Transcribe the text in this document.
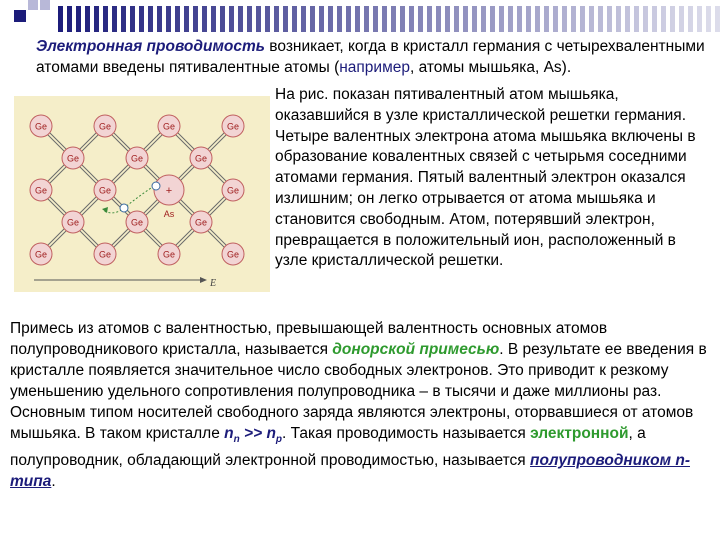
Электронная проводимость возникает, когда в кристалл германия с четырехвалентными атомами введены пятивалентные атомы (например, атомы мышьяка, As).

Ge	Ge	Ge	Ge
Ge	Ge	Ge
Ge	Ge	+
As
Ge
Ge	Ge	Ge
Ge	Ge	Ge	Ge
E

На рис. показан пятивалентный атом мышьяка, оказавшийся в узле кристаллической решетки германия. Четыре валентных электрона атома мышьяка включены в образование ковалентных связей с четырьмя соседними атомами германия. Пятый валентный электрон оказался излишним; он легко отрывается от атома мышьяка и становится свободным. Атом, потерявший электрон, превращается в положительный ион, расположенный в узле кристаллической решетки.

Примесь из атомов с валентностью, превышающей валентность основных атомов полупроводникового кристалла, называется донорской примесью. В результате ее введения в кристалле появляется значительное число свободных электронов. Это приводит к резкому уменьшению удельного сопротивления полупроводника – в тысячи и даже миллионы раз.
Основным типом носителей свободного заряда являются электроны, оторвавшиеся от атомов мышьяка. В таком кристалле $n_n >> n_p$. Такая проводимость называется электронной, а полупроводник, обладающий электронной проводимостью, называется полупроводником n-типа.
